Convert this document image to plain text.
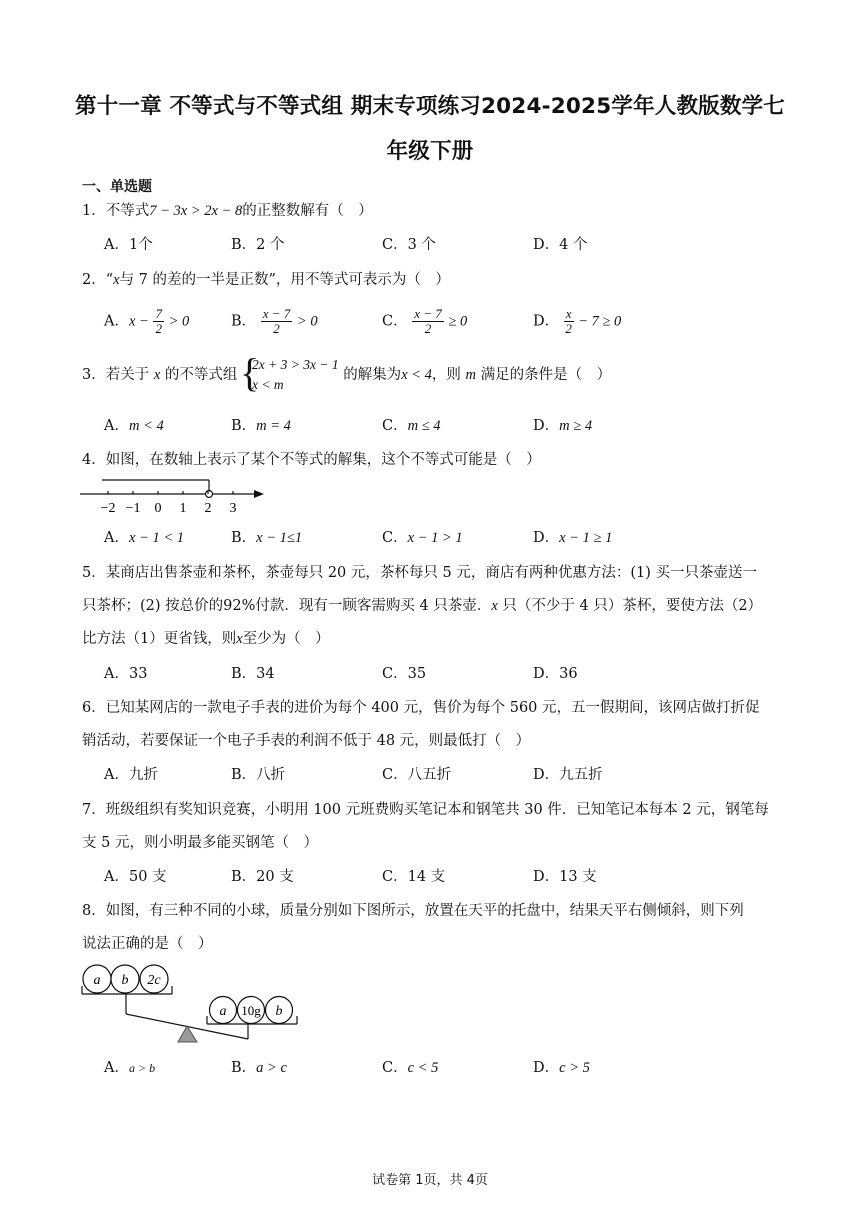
第十一章 不等式与不等式组 期末专项练习2024-2025学年人教版数学七
年级下册
一、单选题
1．不等式7 − 3x > 2x − 8的正整数解有（　）
A．1个	B．2 个	C．3 个	D．4 个
2．“x与 7 的差的一半是正数”，用不等式可表示为（　）
A．$x - \frac{7}{2} > 0$	B． $\frac{x - 7}{2} > 0$	C． $\frac{x - 7}{2} \ge 0$	D． $\frac{x}{2} - 7 \ge 0$
3．若关于 x 的不等式组
{ 2x + 3 > 3x − 1
x < m
的解集为x < 4，则 m 满足的条件是（　）
A．m < 4	B．m = 4	C．m ≤ 4	D．m ≥ 4
4．如图，在数轴上表示了某个不等式的解集，这个不等式可能是（　）
−2 −1 0 1 2 3
A．x − 1 < 1	B．x − 1≤1	C．x − 1 > 1	D．x − 1 ≥ 1
5．某商店出售茶壶和茶杯，茶壶每只 20 元，茶杯每只 5 元，商店有两种优惠方法：(1) 买一只茶壶送一
只茶杯；(2) 按总价的92%付款．现有一顾客需购买 4 只茶壶．x 只（不少于 4 只）茶杯，要使方法（2）
比方法（1）更省钱，则x至少为（　）
A．33	B．34	C．35	D．36
6．已知某网店的一款电子手表的进价为每个 400 元，售价为每个 560 元，五一假期间，该网店做打折促
销活动，若要保证一个电子手表的利润不低于 48 元，则最低打（　）
A．九折	B．八折	C．八五折	D．九五折
7．班级组织有奖知识竞赛，小明用 100 元班费购买笔记本和钢笔共 30 件．已知笔记本每本 2 元，钢笔每
支 5 元，则小明最多能买钢笔（　）
A．50 支	B．20 支	C．14 支	D．13 支
8．如图，有三种不同的小球，质量分别如下图所示，放置在天平的托盘中，结果天平右侧倾斜，则下列
说法正确的是（　）
a b 2c
a 10g b
A．a > b	B．a > c	C．c < 5	D．c > 5
试卷第 1页，共 4页
